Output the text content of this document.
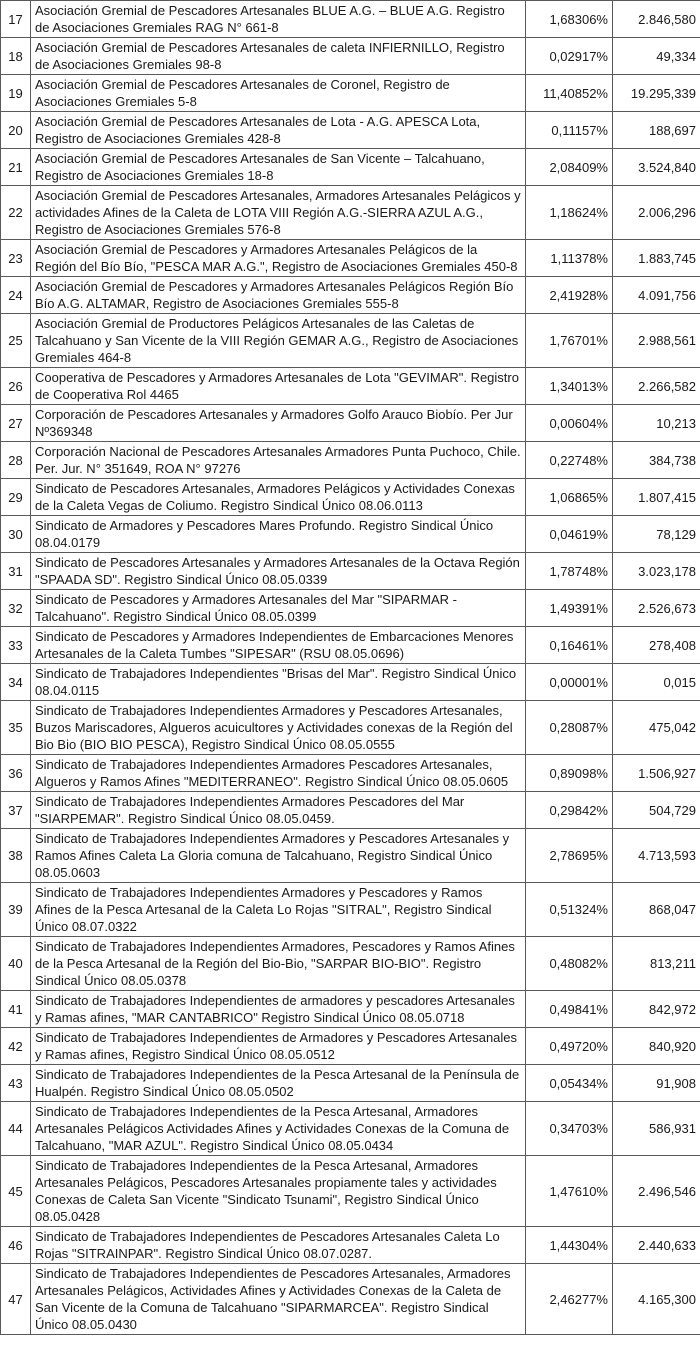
17	Asociación Gremial de Pescadores Artesanales BLUE A.G. – BLUE A.G. Registro de Asociaciones Gremiales RAG N° 661-8	1,68306%	2.846,580
18	Asociación Gremial de Pescadores Artesanales de caleta INFIERNILLO, Registro de Asociaciones Gremiales 98-8	0,02917%	49,334
19	Asociación Gremial de Pescadores Artesanales de Coronel, Registro de Asociaciones Gremiales 5-8	11,40852%	19.295,339
20	Asociación Gremial de Pescadores Artesanales de Lota - A.G. APESCA Lota, Registro de Asociaciones Gremiales 428-8	0,11157%	188,697
21	Asociación Gremial de Pescadores Artesanales de San Vicente – Talcahuano, Registro de Asociaciones Gremiales 18-8	2,08409%	3.524,840
22	Asociación Gremial de Pescadores Artesanales, Armadores Artesanales Pelágicos y actividades Afines de la Caleta de LOTA VIII Región A.G.-SIERRA AZUL A.G., Registro de Asociaciones Gremiales 576-8	1,18624%	2.006,296
23	Asociación Gremial de Pescadores y Armadores Artesanales Pelágicos de la Región del Bío Bío, "PESCA MAR A.G.", Registro de Asociaciones Gremiales 450-8	1,11378%	1.883,745
24	Asociación Gremial de Pescadores y Armadores Artesanales Pelágicos Región Bío Bío A.G. ALTAMAR, Registro de Asociaciones Gremiales 555-8	2,41928%	4.091,756
25	Asociación Gremial de Productores Pelágicos Artesanales de las Caletas de Talcahuano y San Vicente de la VIII Región GEMAR A.G., Registro de Asociaciones Gremiales 464-8	1,76701%	2.988,561
26	Cooperativa de Pescadores y Armadores Artesanales de Lota "GEVIMAR". Registro de Cooperativa Rol 4465	1,34013%	2.266,582
27	Corporación de Pescadores Artesanales y Armadores Golfo Arauco Biobío. Per Jur Nº369348	0,00604%	10,213
28	Corporación Nacional de Pescadores Artesanales Armadores Punta Puchoco, Chile. Per. Jur. N° 351649, ROA N° 97276	0,22748%	384,738
29	Sindicato de Pescadores Artesanales, Armadores Pelágicos y Actividades Conexas de la Caleta Vegas de Coliumo. Registro Sindical Único 08.06.0113	1,06865%	1.807,415
30	Sindicato de Armadores y Pescadores Mares Profundo. Registro Sindical Único 08.04.0179	0,04619%	78,129
31	Sindicato de Pescadores Artesanales y Armadores Artesanales de la Octava Región "SPAADA SD". Registro Sindical Único 08.05.0339	1,78748%	3.023,178
32	Sindicato de Pescadores y Armadores Artesanales del Mar "SIPARMAR - Talcahuano". Registro Sindical Único 08.05.0399	1,49391%	2.526,673
33	Sindicato de Pescadores y Armadores Independientes de Embarcaciones Menores Artesanales de la Caleta Tumbes "SIPESAR" (RSU 08.05.0696)	0,16461%	278,408
34	Sindicato de Trabajadores Independientes "Brisas del Mar". Registro Sindical Único 08.04.0115	0,00001%	0,015
35	Sindicato de Trabajadores Independientes Armadores y Pescadores Artesanales, Buzos Mariscadores, Algueros acuicultores y Actividades conexas de la Región del Bio Bio (BIO BIO PESCA), Registro Sindical Único 08.05.0555	0,28087%	475,042
36	Sindicato de Trabajadores Independientes Armadores Pescadores Artesanales, Algueros y Ramos Afines "MEDITERRANEO". Registro Sindical Único 08.05.0605	0,89098%	1.506,927
37	Sindicato de Trabajadores Independientes Armadores Pescadores del Mar "SIARPEMAR". Registro Sindical Único 08.05.0459.	0,29842%	504,729
38	Sindicato de Trabajadores Independientes Armadores y Pescadores Artesanales y Ramos Afines Caleta La Gloria comuna de Talcahuano, Registro Sindical Único 08.05.0603	2,78695%	4.713,593
39	Sindicato de Trabajadores Independientes Armadores y Pescadores y Ramos Afines de la Pesca Artesanal de la Caleta Lo Rojas "SITRAL", Registro Sindical Único 08.07.0322	0,51324%	868,047
40	Sindicato de Trabajadores Independientes Armadores, Pescadores y Ramos Afines de la Pesca Artesanal de la Región del Bio-Bio, "SARPAR BIO-BIO". Registro Sindical Único 08.05.0378	0,48082%	813,211
41	Sindicato de Trabajadores Independientes de armadores y pescadores Artesanales y Ramas afines, "MAR CANTABRICO" Registro Sindical Único 08.05.0718	0,49841%	842,972
42	Sindicato de Trabajadores Independientes de Armadores y Pescadores Artesanales y Ramas afines, Registro Sindical Único 08.05.0512	0,49720%	840,920
43	Sindicato de Trabajadores Independientes de la Pesca Artesanal de la Península de Hualpén. Registro Sindical Único 08.05.0502	0,05434%	91,908
44	Sindicato de Trabajadores Independientes de la Pesca Artesanal, Armadores Artesanales Pelágicos Actividades Afines y Actividades Conexas de la Comuna de Talcahuano, "MAR AZUL". Registro Sindical Único 08.05.0434	0,34703%	586,931
45	Sindicato de Trabajadores Independientes de la Pesca Artesanal, Armadores Artesanales Pelágicos, Pescadores Artesanales propiamente tales y actividades Conexas de Caleta San Vicente "Sindicato Tsunami", Registro Sindical Único 08.05.0428	1,47610%	2.496,546
46	Sindicato de Trabajadores Independientes de Pescadores Artesanales Caleta Lo Rojas "SITRAINPAR". Registro Sindical Único 08.07.0287.	1,44304%	2.440,633
47	Sindicato de Trabajadores Independientes de Pescadores Artesanales, Armadores Artesanales Pelágicos, Actividades Afines y Actividades Conexas de la Caleta de San Vicente de la Comuna de Talcahuano "SIPARMARCEA". Registro Sindical Único 08.05.0430	2,46277%	4.165,300
